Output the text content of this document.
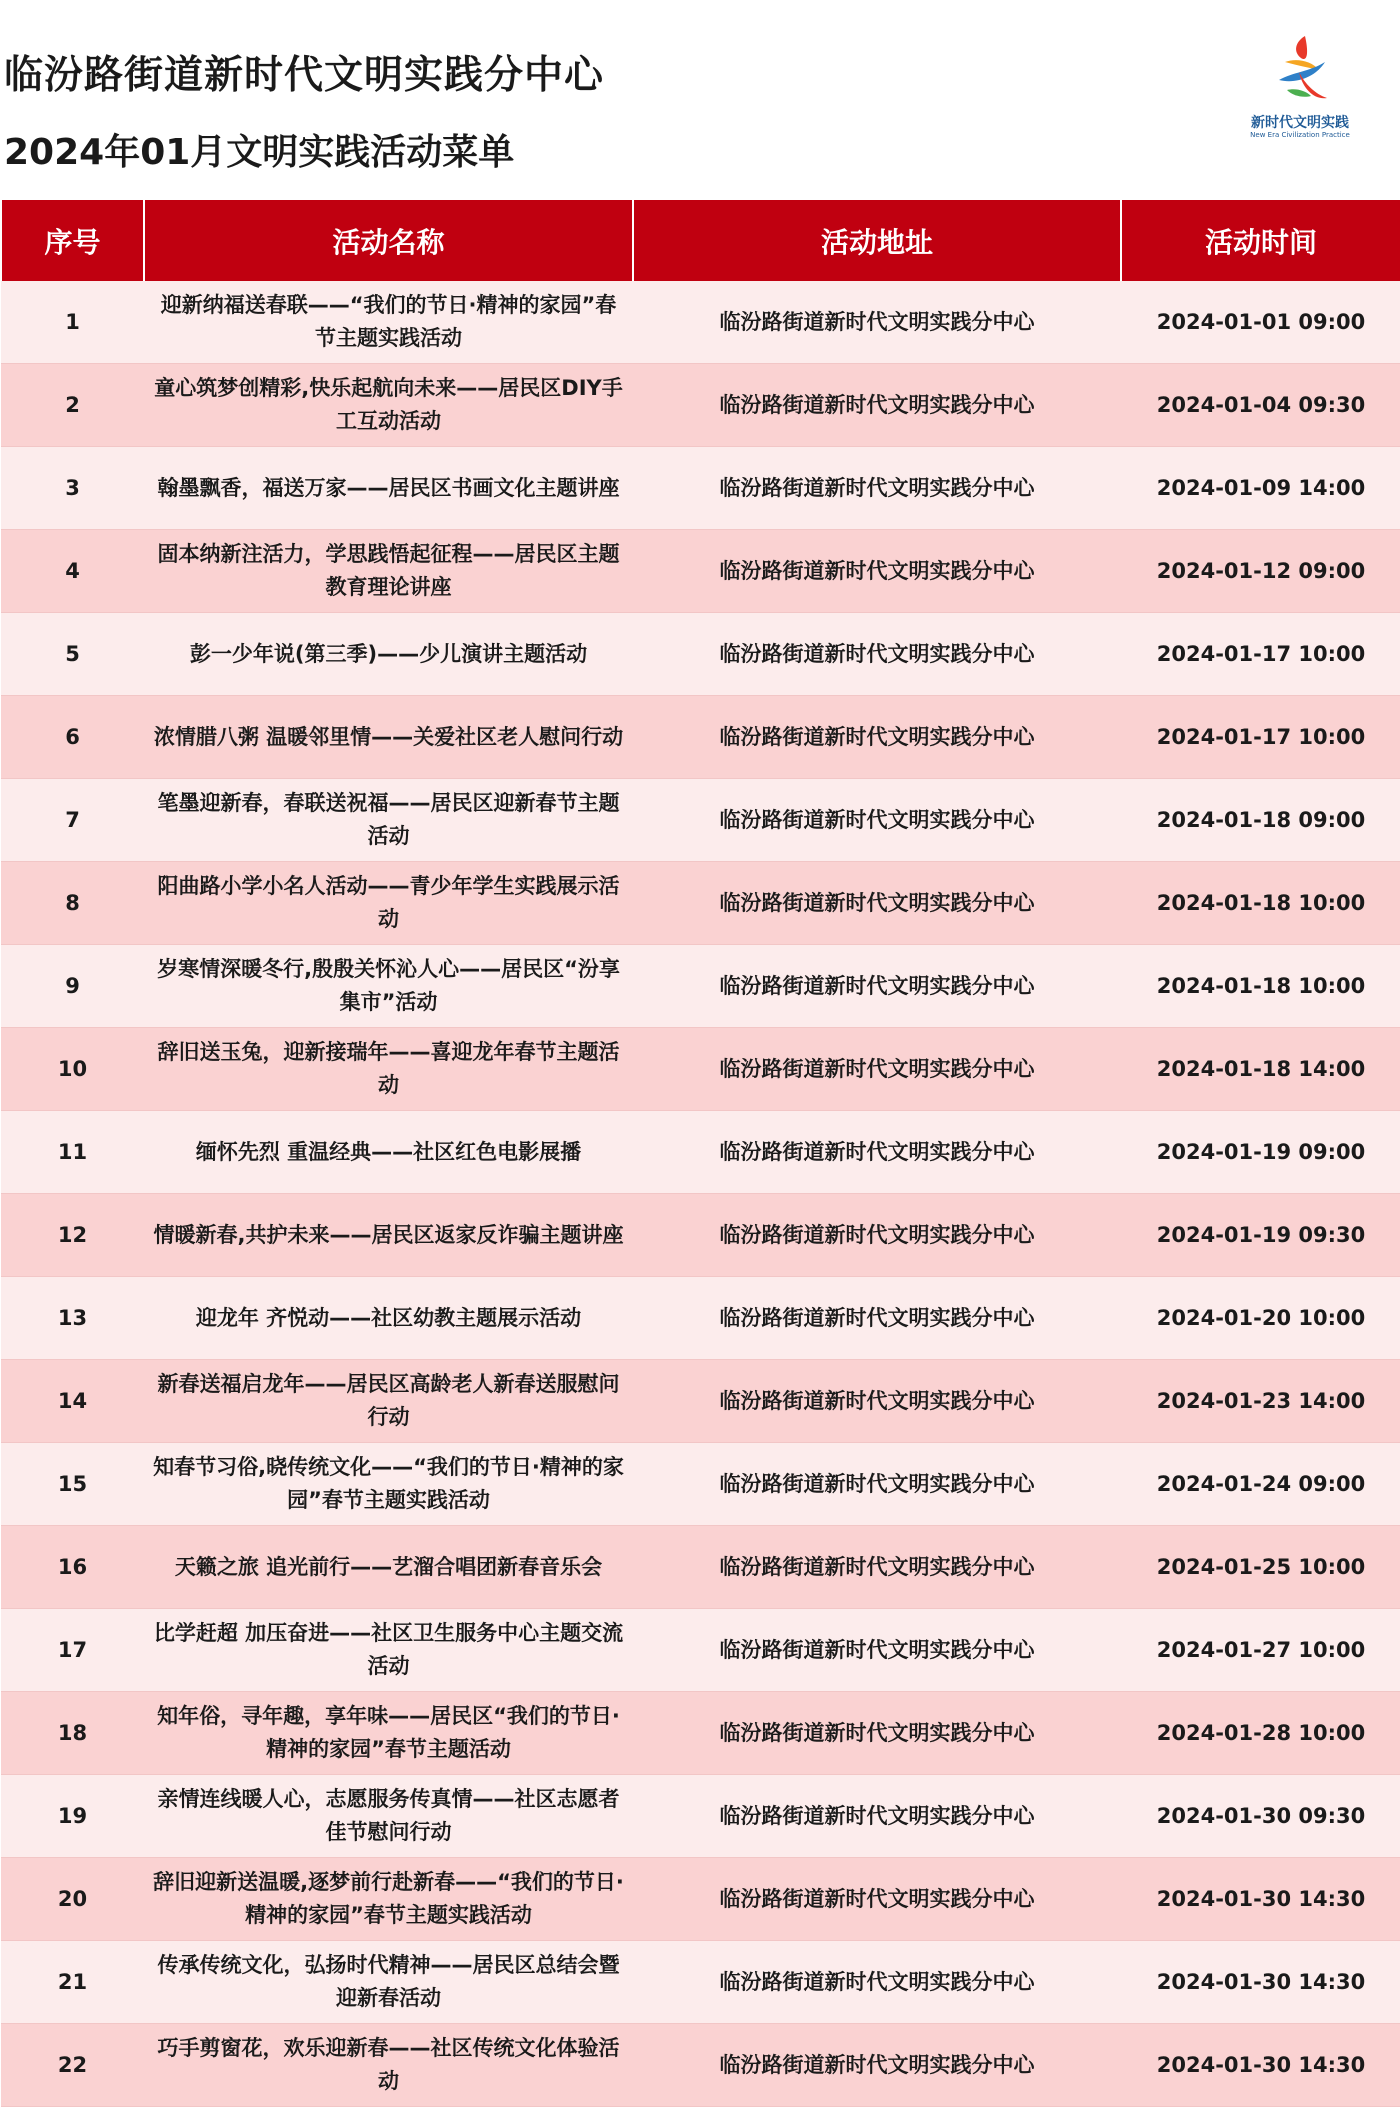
临汾路街道新时代文明实践分中心
2024年01月文明实践活动菜单
新时代文明实践
New Era Civilization Practice
序号	活动名称	活动地址	活动时间
1	迎新纳福送春联——“我们的节日·精神的家园”春节主题实践活动	临汾路街道新时代文明实践分中心	2024-01-01 09:00
2	童心筑梦创精彩,快乐起航向未来——居民区DIY手工互动活动	临汾路街道新时代文明实践分中心	2024-01-04 09:30
3	翰墨飘香，福送万家——居民区书画文化主题讲座	临汾路街道新时代文明实践分中心	2024-01-09 14:00
4	固本纳新注活力，学思践悟起征程——居民区主题教育理论讲座	临汾路街道新时代文明实践分中心	2024-01-12 09:00
5	彭一少年说(第三季)——少儿演讲主题活动	临汾路街道新时代文明实践分中心	2024-01-17 10:00
6	浓情腊八粥 温暖邻里情——关爱社区老人慰问行动	临汾路街道新时代文明实践分中心	2024-01-17 10:00
7	笔墨迎新春，春联送祝福——居民区迎新春节主题活动	临汾路街道新时代文明实践分中心	2024-01-18 09:00
8	阳曲路小学小名人活动——青少年学生实践展示活动	临汾路街道新时代文明实践分中心	2024-01-18 10:00
9	岁寒情深暖冬行,殷殷关怀沁人心——居民区“汾享集市”活动	临汾路街道新时代文明实践分中心	2024-01-18 10:00
10	辞旧送玉兔，迎新接瑞年——喜迎龙年春节主题活动	临汾路街道新时代文明实践分中心	2024-01-18 14:00
11	缅怀先烈 重温经典——社区红色电影展播	临汾路街道新时代文明实践分中心	2024-01-19 09:00
12	情暖新春,共护未来——居民区返家反诈骗主题讲座	临汾路街道新时代文明实践分中心	2024-01-19 09:30
13	迎龙年 齐悦动——社区幼教主题展示活动	临汾路街道新时代文明实践分中心	2024-01-20 10:00
14	新春送福启龙年——居民区高龄老人新春送服慰问行动	临汾路街道新时代文明实践分中心	2024-01-23 14:00
15	知春节习俗,晓传统文化——“我们的节日·精神的家园”春节主题实践活动	临汾路街道新时代文明实践分中心	2024-01-24 09:00
16	天籁之旅 追光前行——艺溜合唱团新春音乐会	临汾路街道新时代文明实践分中心	2024-01-25 10:00
17	比学赶超 加压奋进——社区卫生服务中心主题交流活动	临汾路街道新时代文明实践分中心	2024-01-27 10:00
18	知年俗，寻年趣，享年味——居民区“我们的节日·精神的家园”春节主题活动	临汾路街道新时代文明实践分中心	2024-01-28 10:00
19	亲情连线暖人心，志愿服务传真情——社区志愿者佳节慰问行动	临汾路街道新时代文明实践分中心	2024-01-30 09:30
20	辞旧迎新送温暖,逐梦前行赴新春——“我们的节日·精神的家园”春节主题实践活动	临汾路街道新时代文明实践分中心	2024-01-30 14:30
21	传承传统文化，弘扬时代精神——居民区总结会暨迎新春活动	临汾路街道新时代文明实践分中心	2024-01-30 14:30
22	巧手剪窗花，欢乐迎新春——社区传统文化体验活动	临汾路街道新时代文明实践分中心	2024-01-30 14:30
